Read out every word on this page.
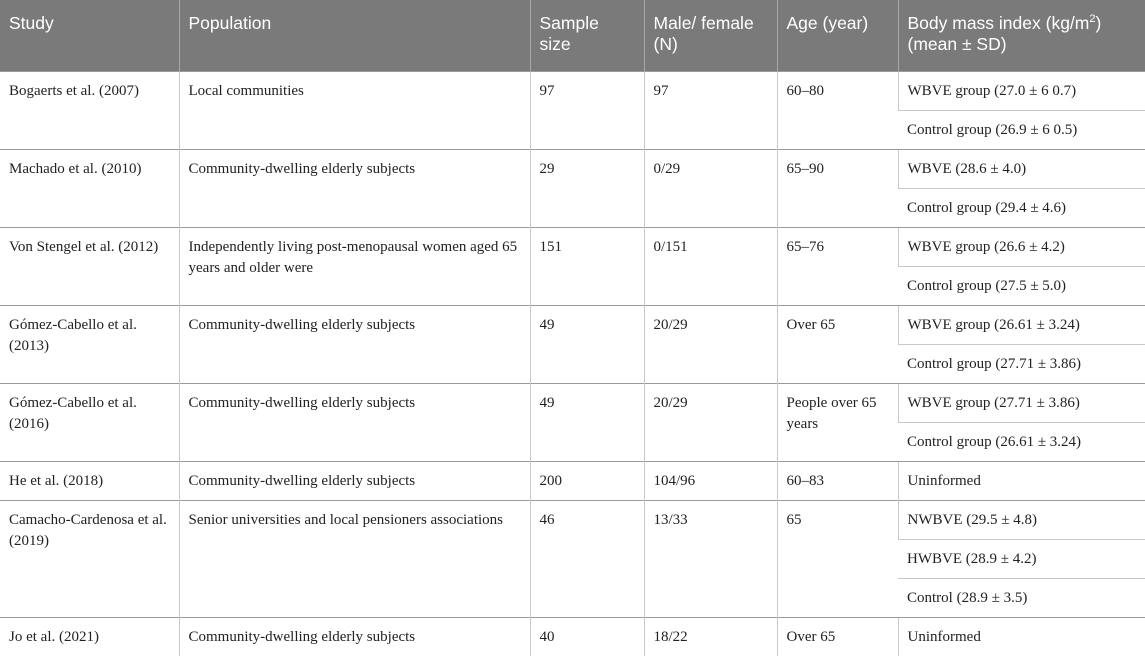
Study	Population	Sample size	Male/ female (N)	Age (year)	Body mass index $(kg/m^2)$ (mean ± SD)
Bogaerts et al. (2007)	Local communities	97	97	60–80	WBVE group (27.0 ± 6 0.7)
					Control group (26.9 ± 6 0.5)
Machado et al. (2010)	Community-dwelling elderly subjects	29	0/29	65–90	WBVE (28.6 ± 4.0)
					Control group (29.4 ± 4.6)
Von Stengel et al. (2012)	Independently living post-menopausal women aged 65 years and older were	151	0/151	65–76	WBVE group (26.6 ± 4.2)
					Control group (27.5 ± 5.0)
Gómez-Cabello et al. (2013)	Community-dwelling elderly subjects	49	20/29	Over 65	WBVE group (26.61 ± 3.24)
					Control group (27.71 ± 3.86)
Gómez-Cabello et al. (2016)	Community-dwelling elderly subjects	49	20/29	People over 65 years	WBVE group (27.71 ± 3.86)
					Control group (26.61 ± 3.24)
He et al. (2018)	Community-dwelling elderly subjects	200	104/96	60–83	Uninformed
Camacho-Cardenosa et al. (2019)	Senior universities and local pensioners associations	46	13/33	65	NWBVE (29.5 ± 4.8)
					HWBVE (28.9 ± 4.2)
					Control (28.9 ± 3.5)
Jo et al. (2021)	Community-dwelling elderly subjects	40	18/22	Over 65	Uninformed
